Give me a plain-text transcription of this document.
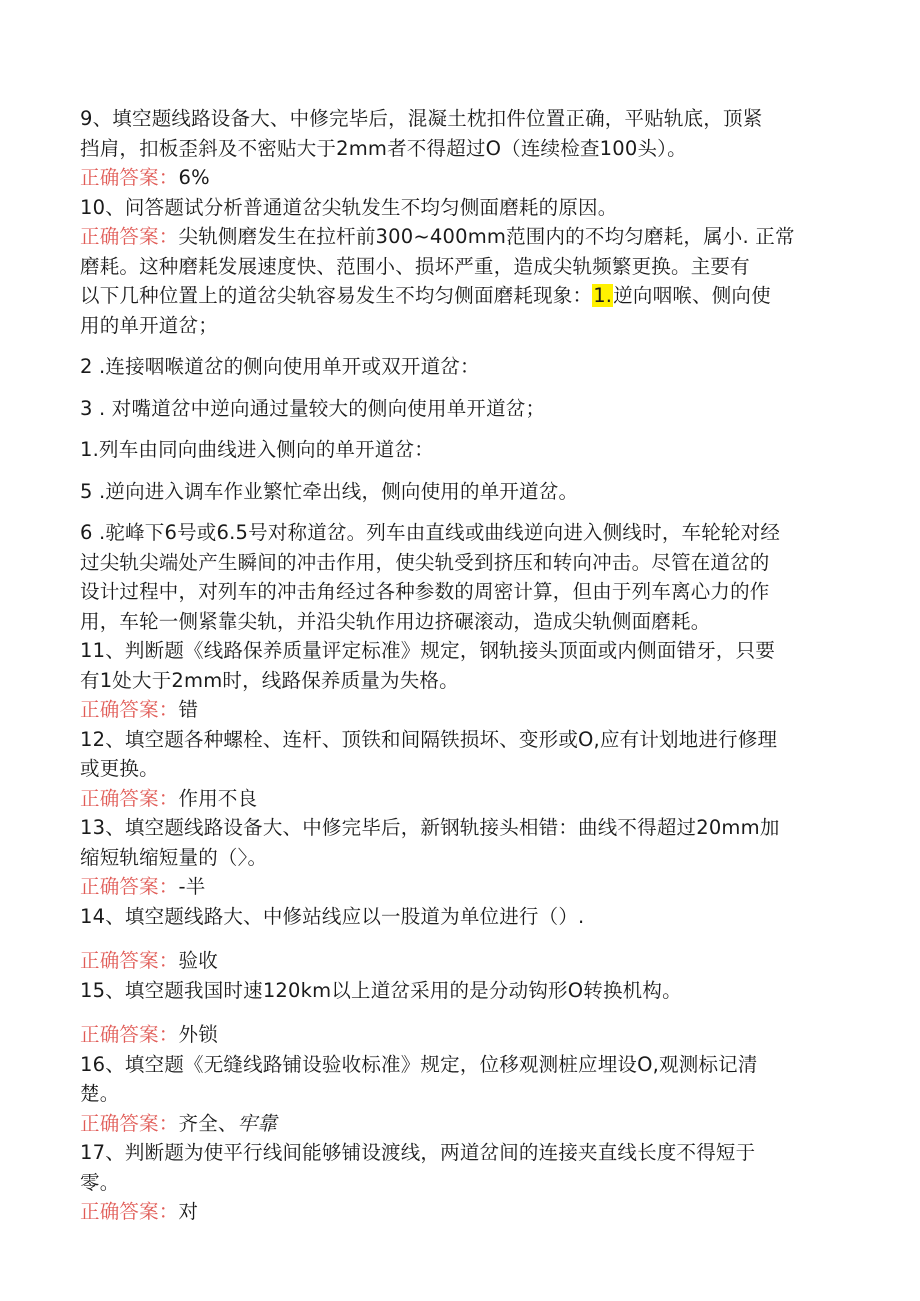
9、填空题线路设备大、中修完毕后，混凝土枕扣件位置正确，平贴轨底，顶紧
挡肩，扣板歪斜及不密贴大于2mm者不得超过O（连续检查100头）。
正确答案：6%
10、问答题试分析普通道岔尖轨发生不均匀侧面磨耗的原因。
正确答案：尖轨侧磨发生在拉杆前300~400mm范围内的不均匀磨耗，属小. 正常
磨耗。这种磨耗发展速度快、范围小、损坏严重，造成尖轨频繁更换。主要有
以下几种位置上的道岔尖轨容易发生不均匀侧面磨耗现象：1.逆向咽喉、侧向使
用的单开道岔；
2 .连接咽喉道岔的侧向使用单开或双开道岔：
3 . 对嘴道岔中逆向通过量较大的侧向使用单开道岔；
1.列车由同向曲线进入侧向的单开道岔：
5 .逆向进入调车作业繁忙牵出线，侧向使用的单开道岔。
6 .驼峰下6号或6.5号对称道岔。列车由直线或曲线逆向进入侧线时，车轮轮对经
过尖轨尖端处产生瞬间的冲击作用，使尖轨受到挤压和转向冲击。尽管在道岔的
设计过程中，对列车的冲击角经过各种参数的周密计算，但由于列车离心力的作
用，车轮一侧紧靠尖轨，并沿尖轨作用边挤碾滚动，造成尖轨侧面磨耗。
11、判断题《线路保养质量评定标准》规定，钢轨接头顶面或内侧面错牙，只要
有1处大于2mm时，线路保养质量为失格。
正确答案：错
12、填空题各种螺栓、连杆、顶铁和间隔铁损坏、变形或O,应有计划地进行修理
或更换。
正确答案：作用不良
13、填空题线路设备大、中修完毕后，新钢轨接头相错：曲线不得超过20mm加
缩短轨缩短量的（〉。
正确答案：-半
14、填空题线路大、中修站线应以一股道为单位进行（）.
正确答案：验收
15、填空题我国时速120km以上道岔采用的是分动钩形O转换机构。
正确答案：外锁
16、填空题《无缝线路铺设验收标准》规定，位移观测桩应埋设O,观测标记清
楚。
正确答案：齐全、牢靠
17、判断题为使平行线间能够铺设渡线，两道岔间的连接夹直线长度不得短于
零。
正确答案：对
